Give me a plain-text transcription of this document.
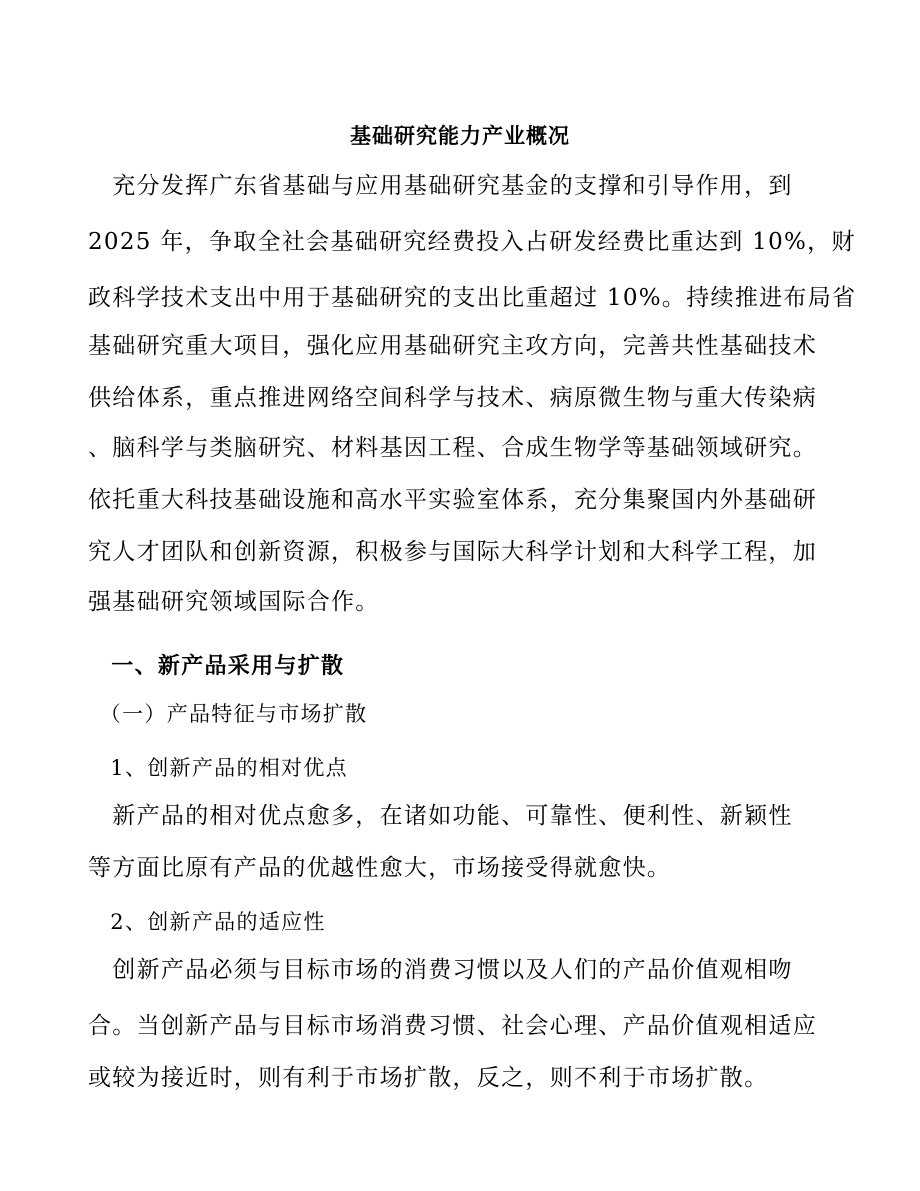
基础研究能力产业概况
　充分发挥广东省基础与应用基础研究基金的支撑和引导作用，到
2025 年，争取全社会基础研究经费投入占研发经费比重达到 10%，财
政科学技术支出中用于基础研究的支出比重超过 10%。持续推进布局省
基础研究重大项目，强化应用基础研究主攻方向，完善共性基础技术
供给体系，重点推进网络空间科学与技术、病原微生物与重大传染病
、脑科学与类脑研究、材料基因工程、合成生物学等基础领域研究。
依托重大科技基础设施和高水平实验室体系，充分集聚国内外基础研
究人才团队和创新资源，积极参与国际大科学计划和大科学工程，加
强基础研究领域国际合作。
　一、新产品采用与扩散
　（一）产品特征与市场扩散
　1、创新产品的相对优点
　新产品的相对优点愈多，在诸如功能、可靠性、便利性、新颖性
等方面比原有产品的优越性愈大，市场接受得就愈快。
　2、创新产品的适应性
　创新产品必须与目标市场的消费习惯以及人们的产品价值观相吻
合。当创新产品与目标市场消费习惯、社会心理、产品价值观相适应
或较为接近时，则有利于市场扩散，反之，则不利于市场扩散。
